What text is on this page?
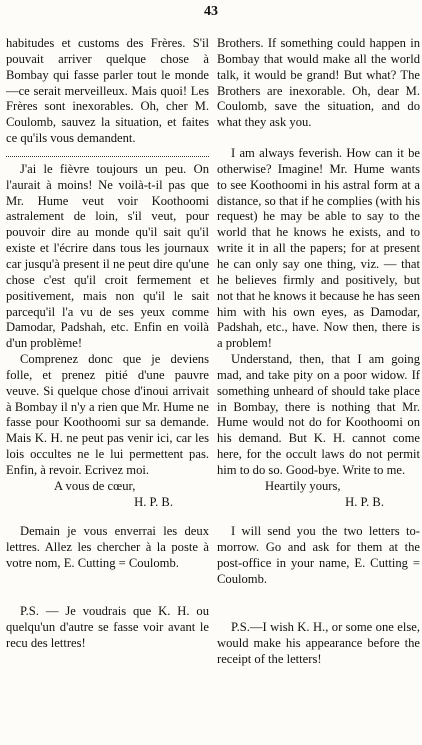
43

habitudes et customs des Frères. S'il pouvait arriver quelque chose à Bombay qui fasse parler tout le monde—ce serait merveilleux. Mais quoi! Les Frères sont inexorables. Oh, cher M. Coulomb, sauvez la situation, et faites ce qu'ils vous demandent.

J'ai le fièvre toujours un peu. On l'aurait à moins! Ne voilà-t-il pas que Mr. Hume veut voir Koothoomi astralement de loin, s'il veut, pour pouvoir dire au monde qu'il sait qu'il existe et l'écrire dans tous les journaux car jusqu'à present il ne peut dire qu'une chose c'est qu'il croit fermement et positivement, mais non qu'il le sait parcequ'il l'a vu de ses yeux comme Damodar, Padshah, etc. Enfin en voilà d'un problème!

Comprenez donc que je deviens folle, et prenez pitié d'une pauvre veuve. Si quelque chose d'inoui arrivait à Bombay il n'y a rien que Mr. Hume ne fasse pour Koothoomi sur sa demande. Mais K. H. ne peut pas venir ici, car les lois occultes ne le lui permettent pas. Enfin, à revoir. Ecrivez moi.

A vous de cœur,

H. P. B.

Demain je vous enverrai les deux lettres. Allez les chercher à la poste à votre nom, E. Cutting = Coulomb.

P.S. — Je voudrais que K. H. ou quelqu'un d'autre se fasse voir avant le recu des lettres!

Brothers. If something could happen in Bombay that would make all the world talk, it would be grand! But what? The Brothers are inexorable. Oh, dear M. Coulomb, save the situation, and do what they ask you.

I am always feverish. How can it be otherwise? Imagine! Mr. Hume wants to see Koothoomi in his astral form at a distance, so that if he complies (with his request) he may be able to say to the world that he knows he exists, and to write it in all the papers; for at present he can only say one thing, viz. — that he believes firmly and positively, but not that he knows it because he has seen him with his own eyes, as Damodar, Padshah, etc., have. Now then, there is a problem!

Understand, then, that I am going mad, and take pity on a poor widow. If something unheard of should take place in Bombay, there is nothing that Mr. Hume would not do for Koothoomi on his demand. But K. H. cannot come here, for the occult laws do not permit him to do so. Good-bye. Write to me.

Heartily yours,

H. P. B.

I will send you the two letters to-morrow. Go and ask for them at the post-office in your name, E. Cutting = Coulomb.

P.S.—I wish K. H., or some one else, would make his appearance before the receipt of the letters!
